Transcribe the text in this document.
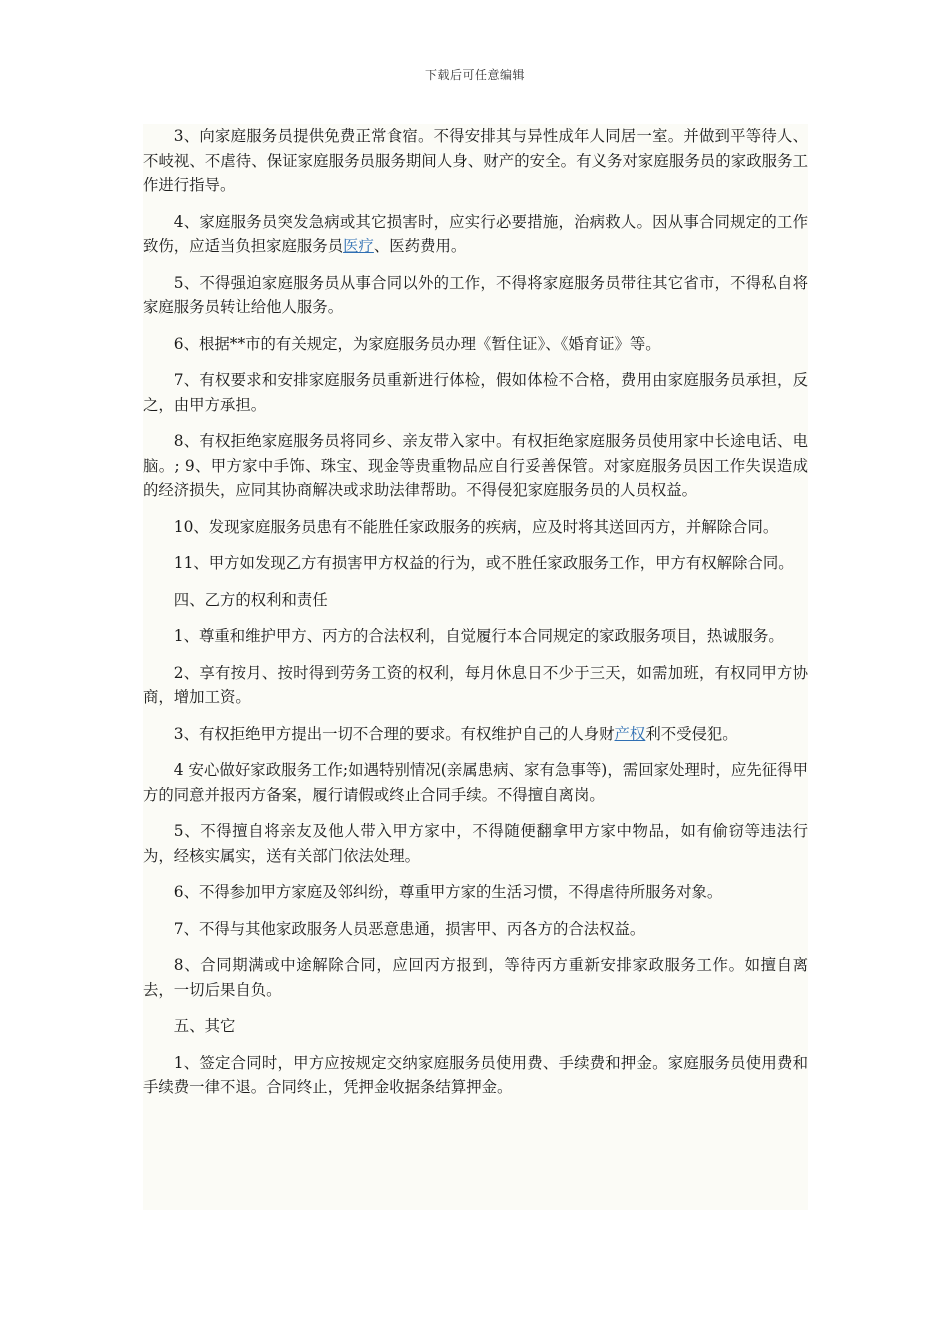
下载后可任意编辑

3、向家庭服务员提供免费正常食宿。不得安排其与异性成年人同居一室。并做到平等待人、不岐视、不虐待、保证家庭服务员服务期间人身、财产的安全。有义务对家庭服务员的家政服务工作进行指导。

4、家庭服务员突发急病或其它损害时，应实行必要措施，治病救人。因从事合同规定的工作致伤，应适当负担家庭服务员医疗、医药费用。

5、不得强迫家庭服务员从事合同以外的工作，不得将家庭服务员带往其它省市，不得私自将家庭服务员转让给他人服务。

6、根据**市的有关规定，为家庭服务员办理《暂住证》、《婚育证》等。

7、有权要求和安排家庭服务员重新进行体检，假如体检不合格，费用由家庭服务员承担，反之，由甲方承担。

8、有权拒绝家庭服务员将同乡、亲友带入家中。有权拒绝家庭服务员使用家中长途电话、电脑。; 9、甲方家中手饰、珠宝、现金等贵重物品应自行妥善保管。对家庭服务员因工作失误造成的经济损失，应同其协商解决或求助法律帮助。不得侵犯家庭服务员的人员权益。

10、发现家庭服务员患有不能胜任家政服务的疾病，应及时将其送回丙方，并解除合同。

11、甲方如发现乙方有损害甲方权益的行为，或不胜任家政服务工作，甲方有权解除合同。

四、乙方的权利和责任

1、尊重和维护甲方、丙方的合法权利，自觉履行本合同规定的家政服务项目，热诚服务。

2、享有按月、按时得到劳务工资的权利，每月休息日不少于三天，如需加班，有权同甲方协商，增加工资。

3、有权拒绝甲方提出一切不合理的要求。有权维护自己的人身财产权利不受侵犯。

4 安心做好家政服务工作;如遇特别情况(亲属患病、家有急事等)，需回家处理时，应先征得甲方的同意并报丙方备案，履行请假或终止合同手续。不得擅自离岗。

5、不得擅自将亲友及他人带入甲方家中，不得随便翻拿甲方家中物品，如有偷窃等违法行为，经核实属实，送有关部门依法处理。

6、不得参加甲方家庭及邻纠纷，尊重甲方家的生活习惯，不得虐待所服务对象。

7、不得与其他家政服务人员恶意患通，损害甲、丙各方的合法权益。

8、合同期满或中途解除合同，应回丙方报到，等待丙方重新安排家政服务工作。如擅自离去，一切后果自负。

五、其它

1、签定合同时，甲方应按规定交纳家庭服务员使用费、手续费和押金。家庭服务员使用费和手续费一律不退。合同终止，凭押金收据条结算押金。
